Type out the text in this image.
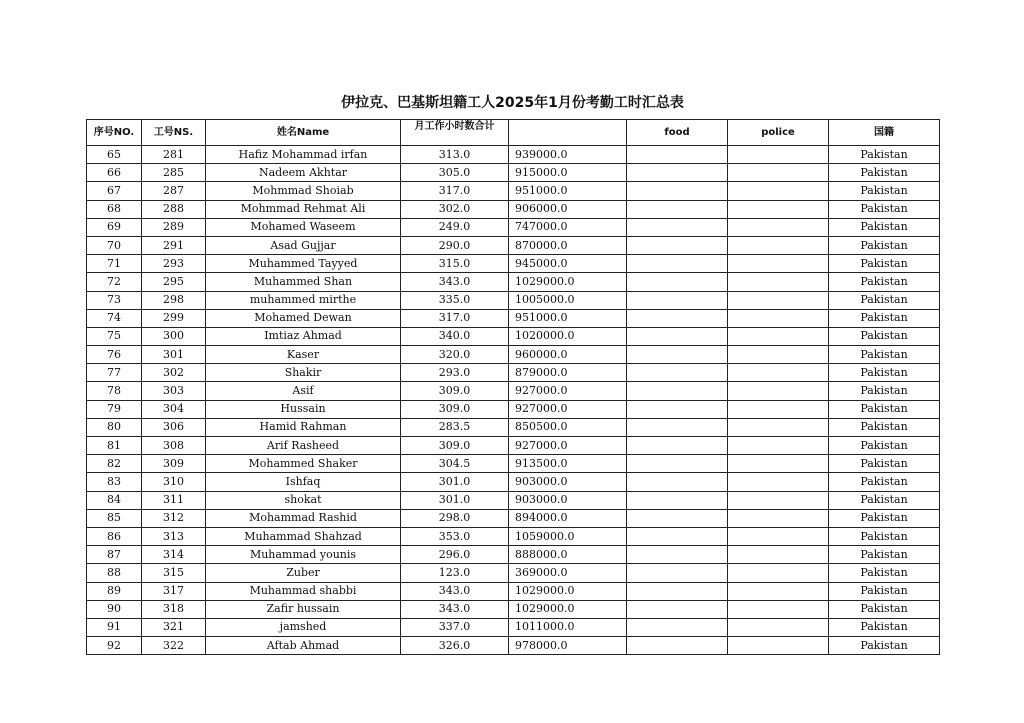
伊拉克、巴基斯坦籍工人2025年1月份考勤工时汇总表
序号NO.	工号NS.	姓名Name	月工作小时数合计		food	police	国籍
65	281	Hafiz Mohammad irfan	313.0	939000.0			Pakistan
66	285	Nadeem Akhtar	305.0	915000.0			Pakistan
67	287	Mohmmad Shoiab	317.0	951000.0			Pakistan
68	288	Mohmmad Rehmat Ali	302.0	906000.0			Pakistan
69	289	Mohamed Waseem	249.0	747000.0			Pakistan
70	291	Asad Gujjar	290.0	870000.0			Pakistan
71	293	Muhammed Tayyed	315.0	945000.0			Pakistan
72	295	Muhammed Shan	343.0	1029000.0			Pakistan
73	298	muhammed mirthe	335.0	1005000.0			Pakistan
74	299	Mohamed Dewan	317.0	951000.0			Pakistan
75	300	Imtiaz Ahmad	340.0	1020000.0			Pakistan
76	301	Kaser	320.0	960000.0			Pakistan
77	302	Shakir	293.0	879000.0			Pakistan
78	303	Asif	309.0	927000.0			Pakistan
79	304	Hussain	309.0	927000.0			Pakistan
80	306	Hamid Rahman	283.5	850500.0			Pakistan
81	308	Arif Rasheed	309.0	927000.0			Pakistan
82	309	Mohammed Shaker	304.5	913500.0			Pakistan
83	310	Ishfaq	301.0	903000.0			Pakistan
84	311	shokat	301.0	903000.0			Pakistan
85	312	Mohammad Rashid	298.0	894000.0			Pakistan
86	313	Muhammad Shahzad	353.0	1059000.0			Pakistan
87	314	Muhammad younis	296.0	888000.0			Pakistan
88	315	Zuber	123.0	369000.0			Pakistan
89	317	Muhammad shabbi	343.0	1029000.0			Pakistan
90	318	Zafir hussain	343.0	1029000.0			Pakistan
91	321	jamshed	337.0	1011000.0			Pakistan
92	322	Aftab Ahmad	326.0	978000.0			Pakistan
